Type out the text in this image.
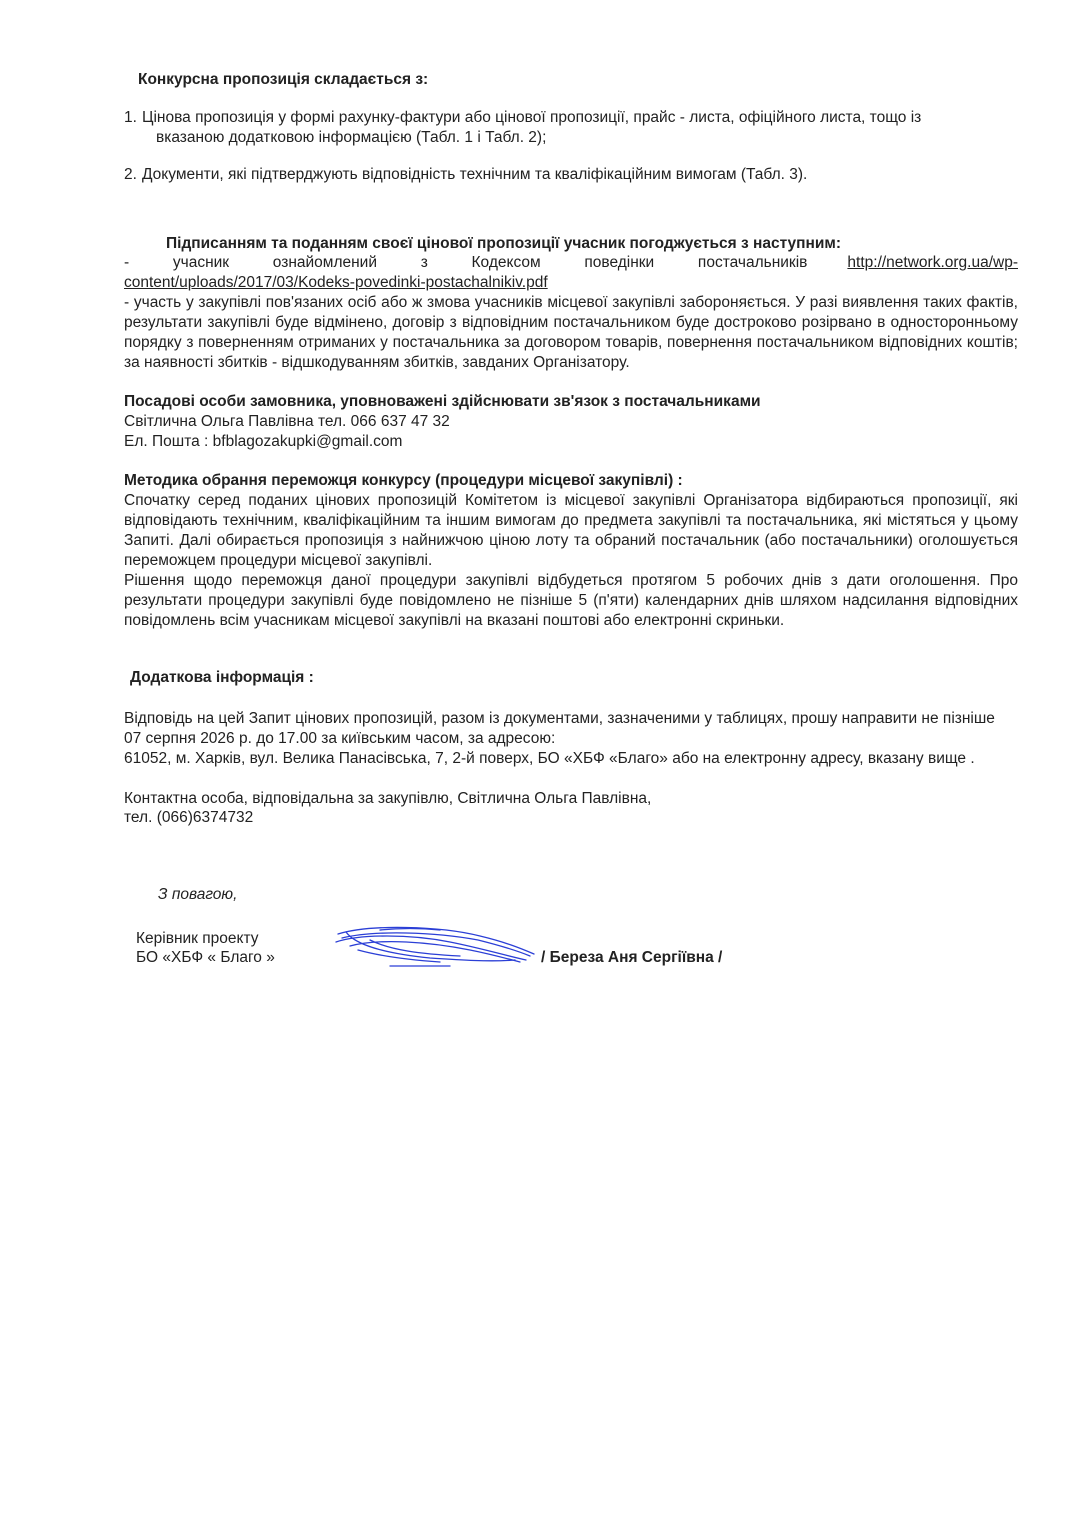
Конкурсна пропозиція складається з:
1. Цінова пропозиція у формі рахунку-фактури або цінової пропозиції, прайс - листа, офіційного листа, тощо із
вказаною додатковою інформацією (Табл. 1 і Табл. 2);
2. Документи, які підтверджують відповідність технічним та кваліфікаційним вимогам (Табл. 3).
Підписанням та поданням своєї цінової пропозиції учасник погоджується з наступним:
- учасник ознайомлений з Кодексом поведінки постачальників	http://network.org.ua/wp-
content/uploads/2017/03/Kodeks-povedinki-postachalnikiv.pdf
- участь у закупівлі пов'язаних осіб або ж змова учасників місцевої закупівлі забороняється. У разі виявлення таких фактів, результати закупівлі буде відмінено, договір з відповідним постачальником буде достроково розірвано в односторонньому порядку з поверненням отриманих у постачальника за договором товарів, повернення постачальником відповідних коштів; за наявності збитків - відшкодуванням збитків, завданих Організатору.
Посадові особи замовника, уповноважені здійснювати зв'язок з постачальниками
Світлична Ольга Павлівна тел. 066 637 47 32
Ел. Пошта : bfblagozakupki@gmail.com
Методика обрання переможця конкурсу (процедури місцевої закупівлі) :
Спочатку серед поданих цінових пропозицій Комітетом із місцевої закупівлі Організатора відбираються пропозиції, які відповідають технічним, кваліфікаційним та іншим вимогам до предмета закупівлі та постачальника, які містяться у цьому Запиті. Далі обирається пропозиція з найнижчою ціною лоту та обраний постачальник (або постачальники) оголошується переможцем процедури місцевої закупівлі.
Рішення щодо переможця даної процедури закупівлі відбудеться протягом 5 робочих днів з дати оголошення. Про результати процедури закупівлі буде повідомлено не пізніше 5 (п'яти) календарних днів шляхом надсилання відповідних повідомлень всім учасникам місцевої закупівлі на вказані поштові або електронні скриньки.
Додаткова інформація :
Відповідь на цей Запит цінових пропозицій, разом із документами, зазначеними у таблицях, прошу направити не пізніше
07 серпня 2026 р. до 17.00 за київським часом, за адресою:
61052, м. Харків, вул. Велика Панасівська, 7, 2-й поверх, БО «ХБФ «Благо» або на електронну адресу, вказану вище .
Контактна особа, відповідальна за закупівлю, Світлична Ольга Павлівна,
тел. (066)6374732
З повагою,
Керівник проекту
БО «ХБФ « Благо »	/ Береза Аня Сергіївна /
